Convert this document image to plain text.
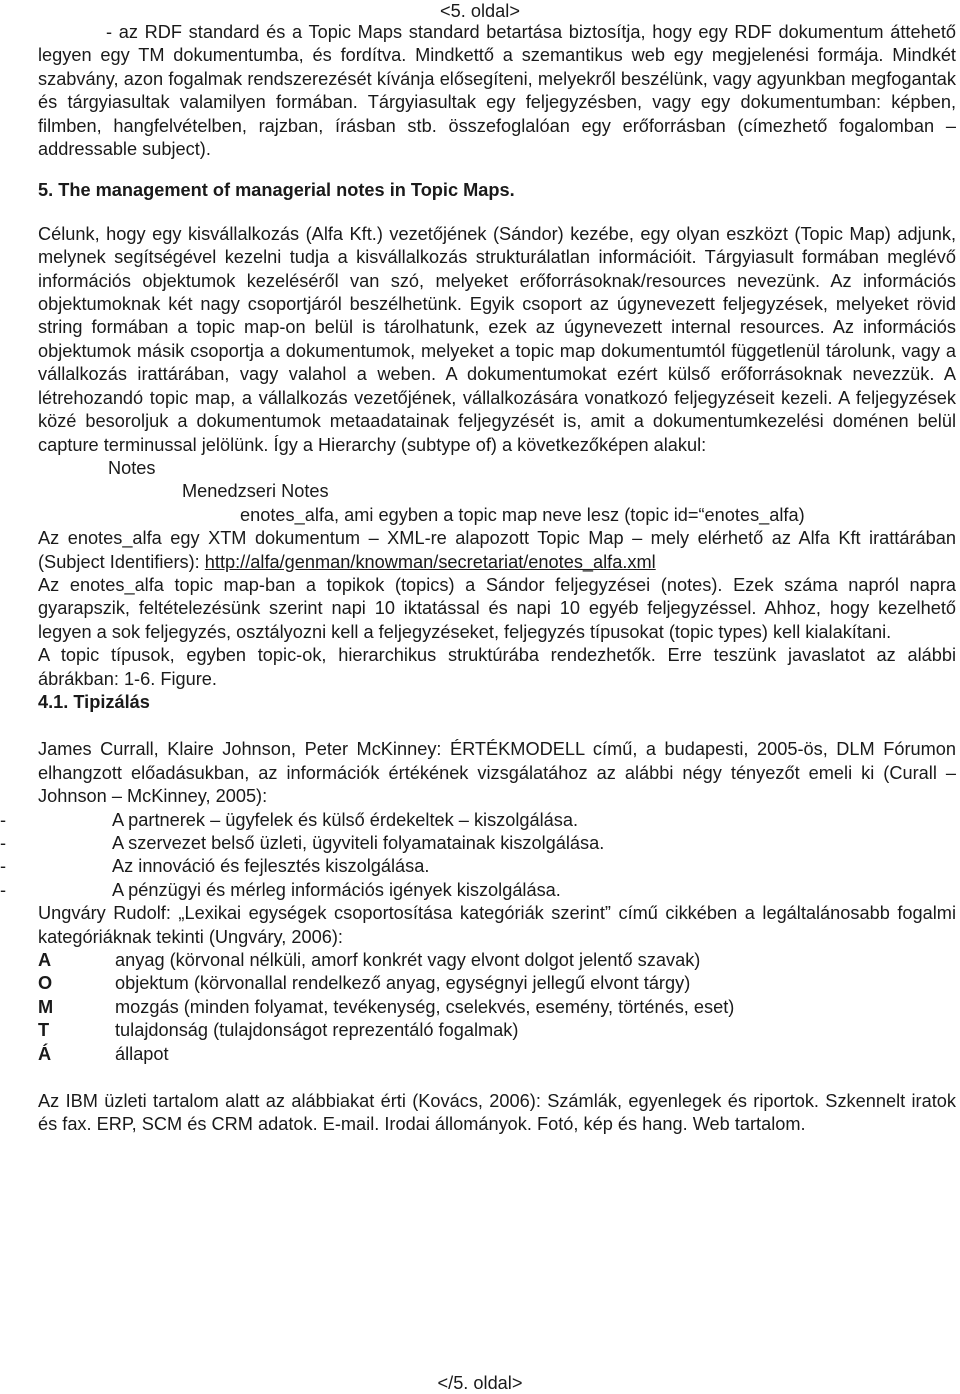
<5. oldal>

- az RDF standard és a Topic Maps standard betartása biztosítja, hogy egy RDF dokumentum áttehető legyen egy TM dokumentumba, és fordítva. Mindkettő a szemantikus web egy megjelenési formája. Mindkét szabvány, azon fogalmak rendszerezését kívánja elősegíteni, melyekről beszélünk, vagy agyunkban megfogantak és tárgyiasultak valamilyen formában. Tárgyiasultak egy feljegyzésben, vagy egy dokumentumban: képben, filmben, hangfelvételben, rajzban, írásban stb. összefoglalóan egy erőforrásban (címezhető fogalomban – addressable subject).

5. The management of managerial notes in Topic Maps.

Célunk, hogy egy kisvállalkozás (Alfa Kft.) vezetőjének (Sándor) kezébe, egy olyan eszközt (Topic Map) adjunk, melynek segítségével kezelni tudja a kisvállalkozás strukturálatlan információit. Tárgyiasult formában meglévő információs objektumok kezeléséről van szó, melyeket erőforrásoknak/resources nevezünk. Az információs objektumoknak két nagy csoportjáról beszélhetünk. Egyik csoport az úgynevezett feljegyzések, melyeket rövid string formában a topic map-on belül is tárolhatunk, ezek az úgynevezett internal resources. Az információs objektumok másik csoportja a dokumentumok, melyeket a topic map dokumentumtól függetlenül tárolunk, vagy a vállalkozás irattárában, vagy valahol a weben. A dokumentumokat ezért külső erőforrásoknak nevezzük. A létrehozandó topic map, a vállalkozás vezetőjének, vállalkozására vonatkozó feljegyzéseit kezeli. A feljegyzések közé besoroljuk a dokumentumok metaadatainak feljegyzését is, amit a dokumentumkezelési doménen belül capture terminussal jelölünk. Így a Hierarchy (subtype of) a következőképen alakul:

Notes
Menedzseri Notes
enotes_alfa, ami egyben a topic map neve lesz (topic id=“enotes_alfa)

Az enotes_alfa egy XTM dokumentum – XML-re alapozott Topic Map – mely elérhető az Alfa Kft irattárában (Subject Identifiers): http://alfa/genman/knowman/secretariat/enotes_alfa.xml

Az enotes_alfa topic map-ban a topikok (topics) a Sándor feljegyzései (notes). Ezek száma napról napra gyarapszik, feltételezésünk szerint napi 10 iktatással és napi 10 egyéb feljegyzéssel. Ahhoz, hogy kezelhető legyen a sok feljegyzés, osztályozni kell a feljegyzéseket, feljegyzés típusokat (topic types) kell kialakítani.

A topic típusok, egyben topic-ok, hierarchikus struktúrába rendezhetők. Erre teszünk javaslatot az alábbi ábrákban: 1-6. Figure.

4.1. Tipizálás

James Currall, Klaire Johnson, Peter McKinney: ÉRTÉKMODELL című, a budapesti, 2005-ös, DLM Fórumon elhangzott előadásukban, az információk értékének vizsgálatához az alábbi négy tényezőt emeli ki (Curall – Johnson – McKinney, 2005):

-	A partnerek – ügyfelek és külső érdekeltek – kiszolgálása.
-	A szervezet belső üzleti, ügyviteli folyamatainak kiszolgálása.
-	Az innováció és fejlesztés kiszolgálása.
-	A pénzügyi és mérleg információs igények kiszolgálása.

Ungváry Rudolf: „Lexikai egységek csoportosítása kategóriák szerint” című cikkében a legáltalánosabb fogalmi kategóriáknak tekinti (Ungváry, 2006):

A	anyag (körvonal nélküli, amorf konkrét vagy elvont dolgot jelentő szavak)
O	objektum (körvonallal rendelkező anyag, egységnyi jellegű elvont tárgy)
M	mozgás (minden folyamat, tevékenység, cselekvés, esemény, történés, eset)
T	tulajdonság (tulajdonságot reprezentáló fogalmak)
Á	állapot

Az IBM üzleti tartalom alatt az alábbiakat érti (Kovács, 2006): Számlák, egyenlegek és riportok. Szkennelt iratok és fax. ERP, SCM és CRM adatok. E-mail. Irodai állományok. Fotó, kép és hang. Web tartalom.

</5. oldal>
